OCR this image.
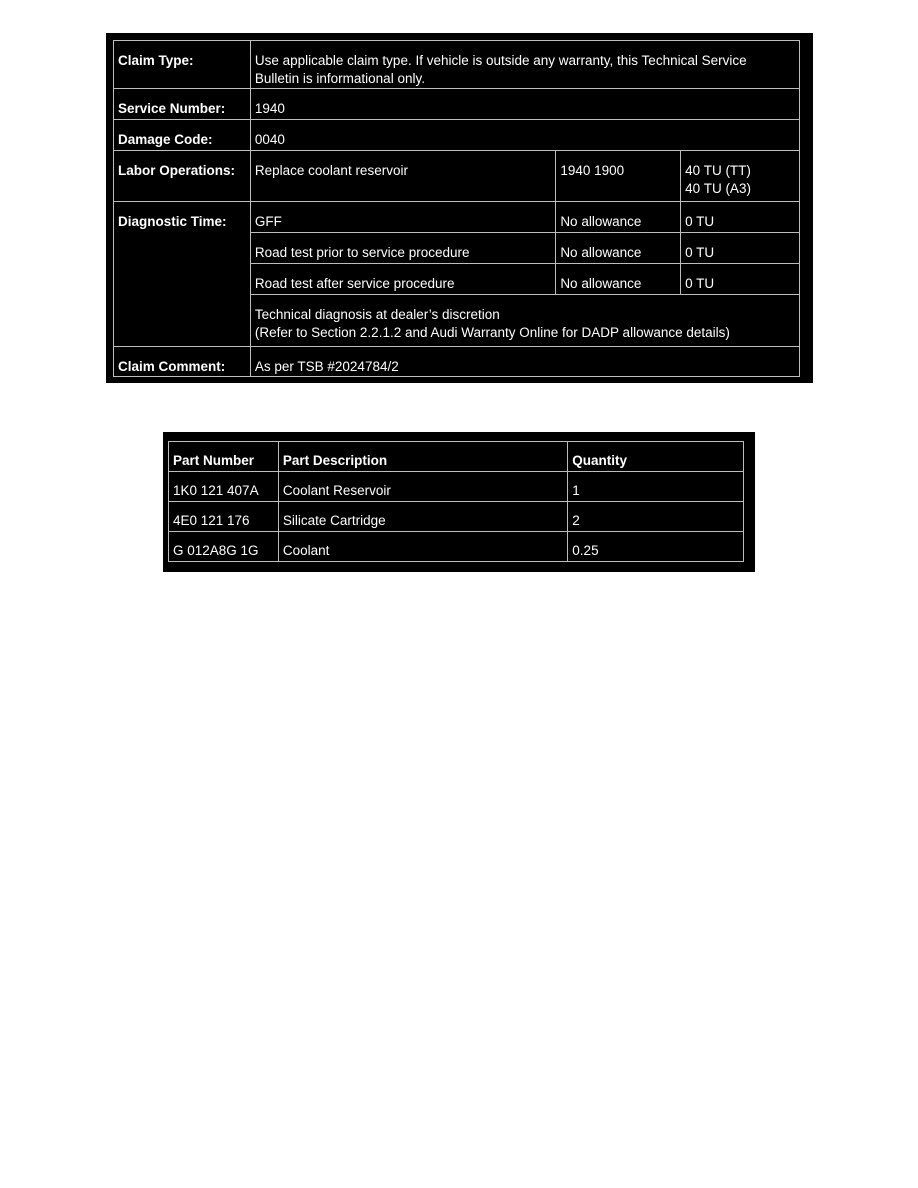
Claim Type:	Use applicable claim type. If vehicle is outside any warranty, this Technical Service
Bulletin is informational only.		
Service Number:	1940		
Damage Code:	0040		
Labor Operations:	Replace coolant reservoir	1940 1900	40 TU (TT)
40 TU (A3)
Diagnostic Time:	GFF	No allowance	0 TU
	Road test prior to service procedure	No allowance	0 TU
	Road test after service procedure	No allowance	0 TU
	Technical diagnosis at dealer’s discretion
(Refer to Section 2.2.1.2 and Audi Warranty Online for DADP allowance details)		
Claim Comment:	As per TSB #2024784/2		
Part Number	Part Description	Quantity
1K0 121 407A	Coolant Reservoir	1
4E0 121 176	Silicate Cartridge	2
G 012A8G 1G	Coolant	0.25
